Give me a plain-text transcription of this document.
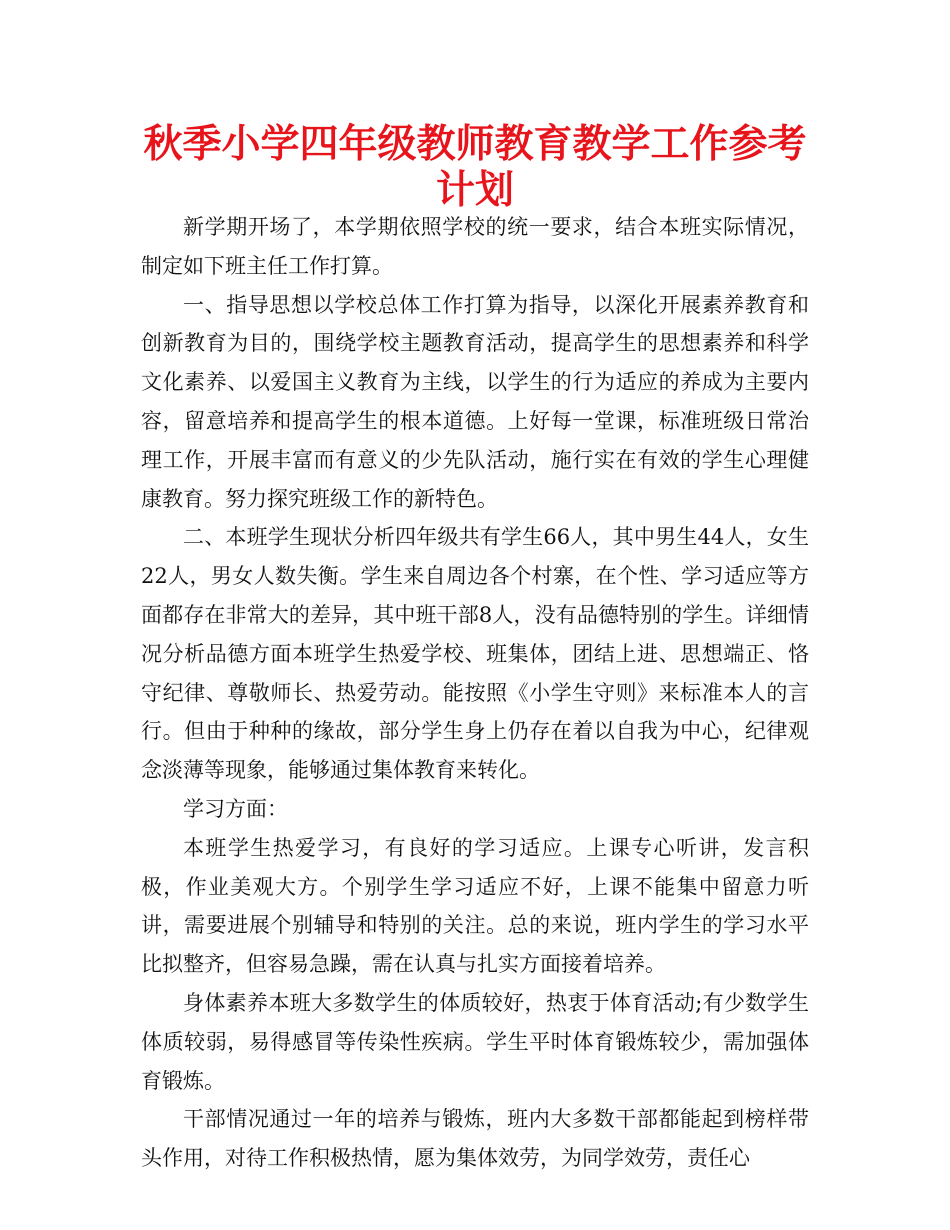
秋季小学四年级教师教育教学工作参考计划

新学期开场了，本学期依照学校的统一要求，结合本班实际情况，制定如下班主任工作打算。

一、指导思想以学校总体工作打算为指导，以深化开展素养教育和创新教育为目的，围绕学校主题教育活动，提高学生的思想素养和科学文化素养、以爱国主义教育为主线，以学生的行为适应的养成为主要内容，留意培养和提高学生的根本道德。上好每一堂课，标准班级日常治理工作，开展丰富而有意义的少先队活动，施行实在有效的学生心理健康教育。努力探究班级工作的新特色。

二、本班学生现状分析四年级共有学生66人，其中男生44人，女生22人，男女人数失衡。学生来自周边各个村寨，在个性、学习适应等方面都存在非常大的差异，其中班干部8人，没有品德特别的学生。详细情况分析品德方面本班学生热爱学校、班集体，团结上进、思想端正、恪守纪律、尊敬师长、热爱劳动。能按照《小学生守则》来标准本人的言行。但由于种种的缘故，部分学生身上仍存在着以自我为中心，纪律观念淡薄等现象，能够通过集体教育来转化。

学习方面：

本班学生热爱学习，有良好的学习适应。上课专心听讲，发言积极，作业美观大方。个别学生学习适应不好，上课不能集中留意力听讲，需要进展个别辅导和特别的关注。总的来说，班内学生的学习水平比拟整齐，但容易急躁，需在认真与扎实方面接着培养。

身体素养本班大多数学生的体质较好，热衷于体育活动;有少数学生体质较弱，易得感冒等传染性疾病。学生平时体育锻炼较少，需加强体育锻炼。

干部情况通过一年的培养与锻炼，班内大多数干部都能起到榜样带头作用，对待工作积极热情，愿为集体效劳，为同学效劳，责任心
